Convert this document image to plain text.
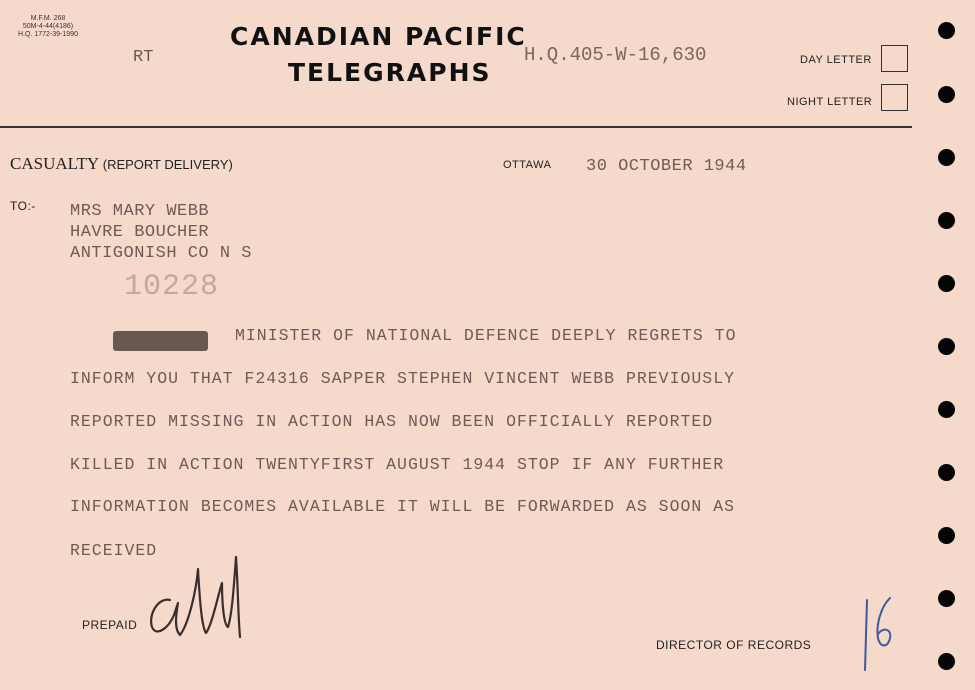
M.F.M. 268
50M-4-44(4186)
H.Q. 1772-39-1990
RT
CANADIAN PACIFIC
TELEGRAPHS
H.Q.405-W-16,630	DAY LETTER
NIGHT LETTER
CASUALTY (REPORT DELIVERY)	OTTAWA 30 OCTOBER 1944
TO:- MRS MARY WEBB
HAVRE BOUCHER
ANTIGONISH CO N S
10228
MINISTER OF NATIONAL DEFENCE DEEPLY REGRETS TO
INFORM YOU THAT F24316 SAPPER STEPHEN VINCENT WEBB PREVIOUSLY
REPORTED MISSING IN ACTION HAS NOW BEEN OFFICIALLY REPORTED
KILLED IN ACTION TWENTYFIRST AUGUST 1944 STOP IF ANY FURTHER
INFORMATION BECOMES AVAILABLE IT WILL BE FORWARDED AS SOON AS
RECEIVED
PREPAID
DIRECTOR OF RECORDS
